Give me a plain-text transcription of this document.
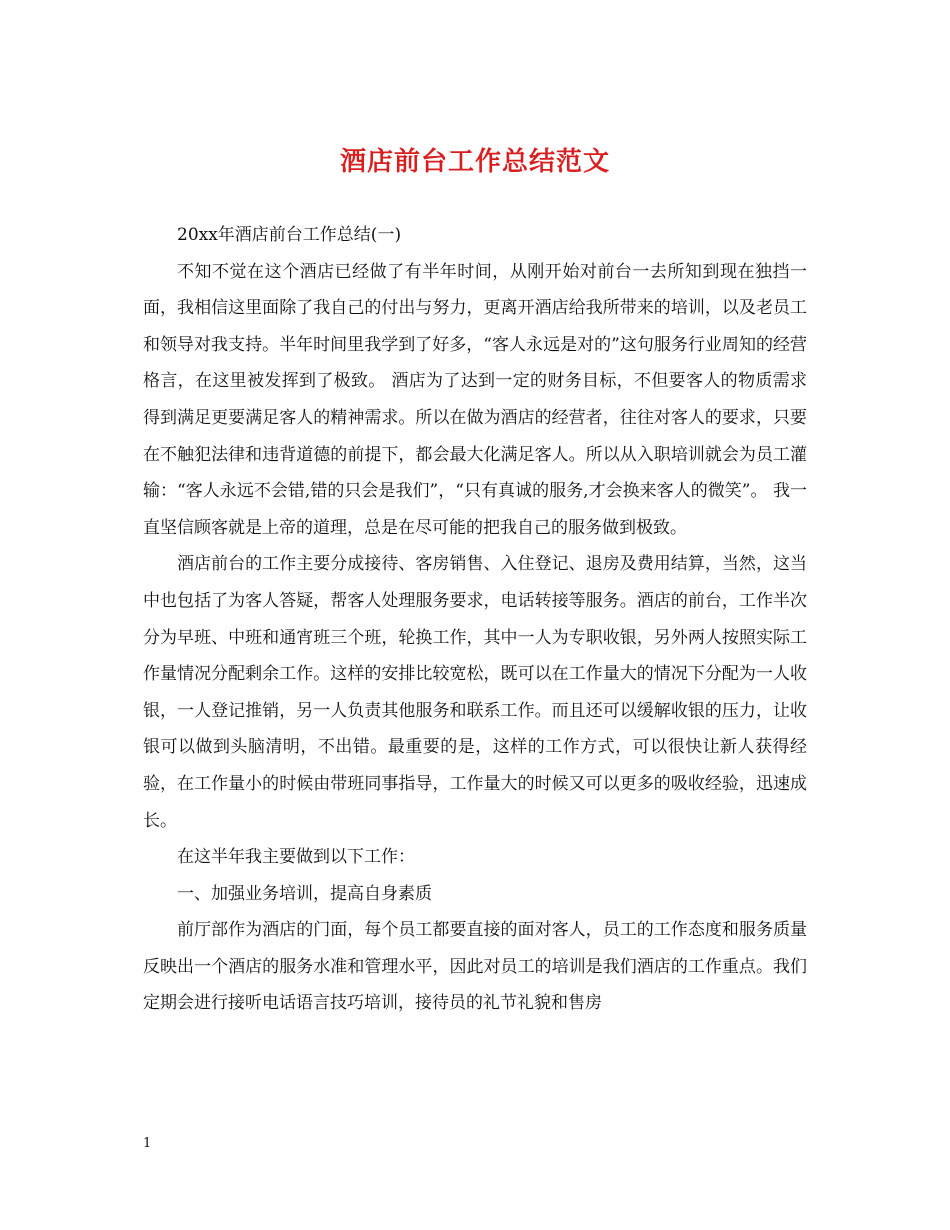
酒店前台工作总结范文

20xx年酒店前台工作总结(一)

不知不觉在这个酒店已经做了有半年时间，从刚开始对前台一去所知到现在独挡一面，我相信这里面除了我自己的付出与努力，更离开酒店给我所带来的培训，以及老员工和领导对我支持。半年时间里我学到了好多，“客人永远是对的”这句服务行业周知的经营格言，在这里被发挥到了极致。 酒店为了达到一定的财务目标，不但要客人的物质需求得到满足更要满足客人的精神需求。所以在做为酒店的经营者，往往对客人的要求，只要在不触犯法律和违背道德的前提下，都会最大化满足客人。所以从入职培训就会为员工灌输：“客人永远不会错,错的只会是我们”，“只有真诚的服务,才会换来客人的微笑”。 我一直坚信顾客就是上帝的道理，总是在尽可能的把我自己的服务做到极致。

酒店前台的工作主要分成接待、客房销售、入住登记、退房及费用结算，当然，这当中也包括了为客人答疑，帮客人处理服务要求，电话转接等服务。酒店的前台，工作半次分为早班、中班和通宵班三个班，轮换工作，其中一人为专职收银，另外两人按照实际工作量情况分配剩余工作。这样的安排比较宽松，既可以在工作量大的情况下分配为一人收银，一人登记推销，另一人负责其他服务和联系工作。而且还可以缓解收银的压力，让收银可以做到头脑清明，不出错。最重要的是，这样的工作方式，可以很快让新人获得经验，在工作量小的时候由带班同事指导，工作量大的时候又可以更多的吸收经验，迅速成长。

在这半年我主要做到以下工作：

一、加强业务培训，提高自身素质

前厅部作为酒店的门面，每个员工都要直接的面对客人，员工的工作态度和服务质量反映出一个酒店的服务水准和管理水平，因此对员工的培训是我们酒店的工作重点。我们定期会进行接听电话语言技巧培训，接待员的礼节礼貌和售房

1
